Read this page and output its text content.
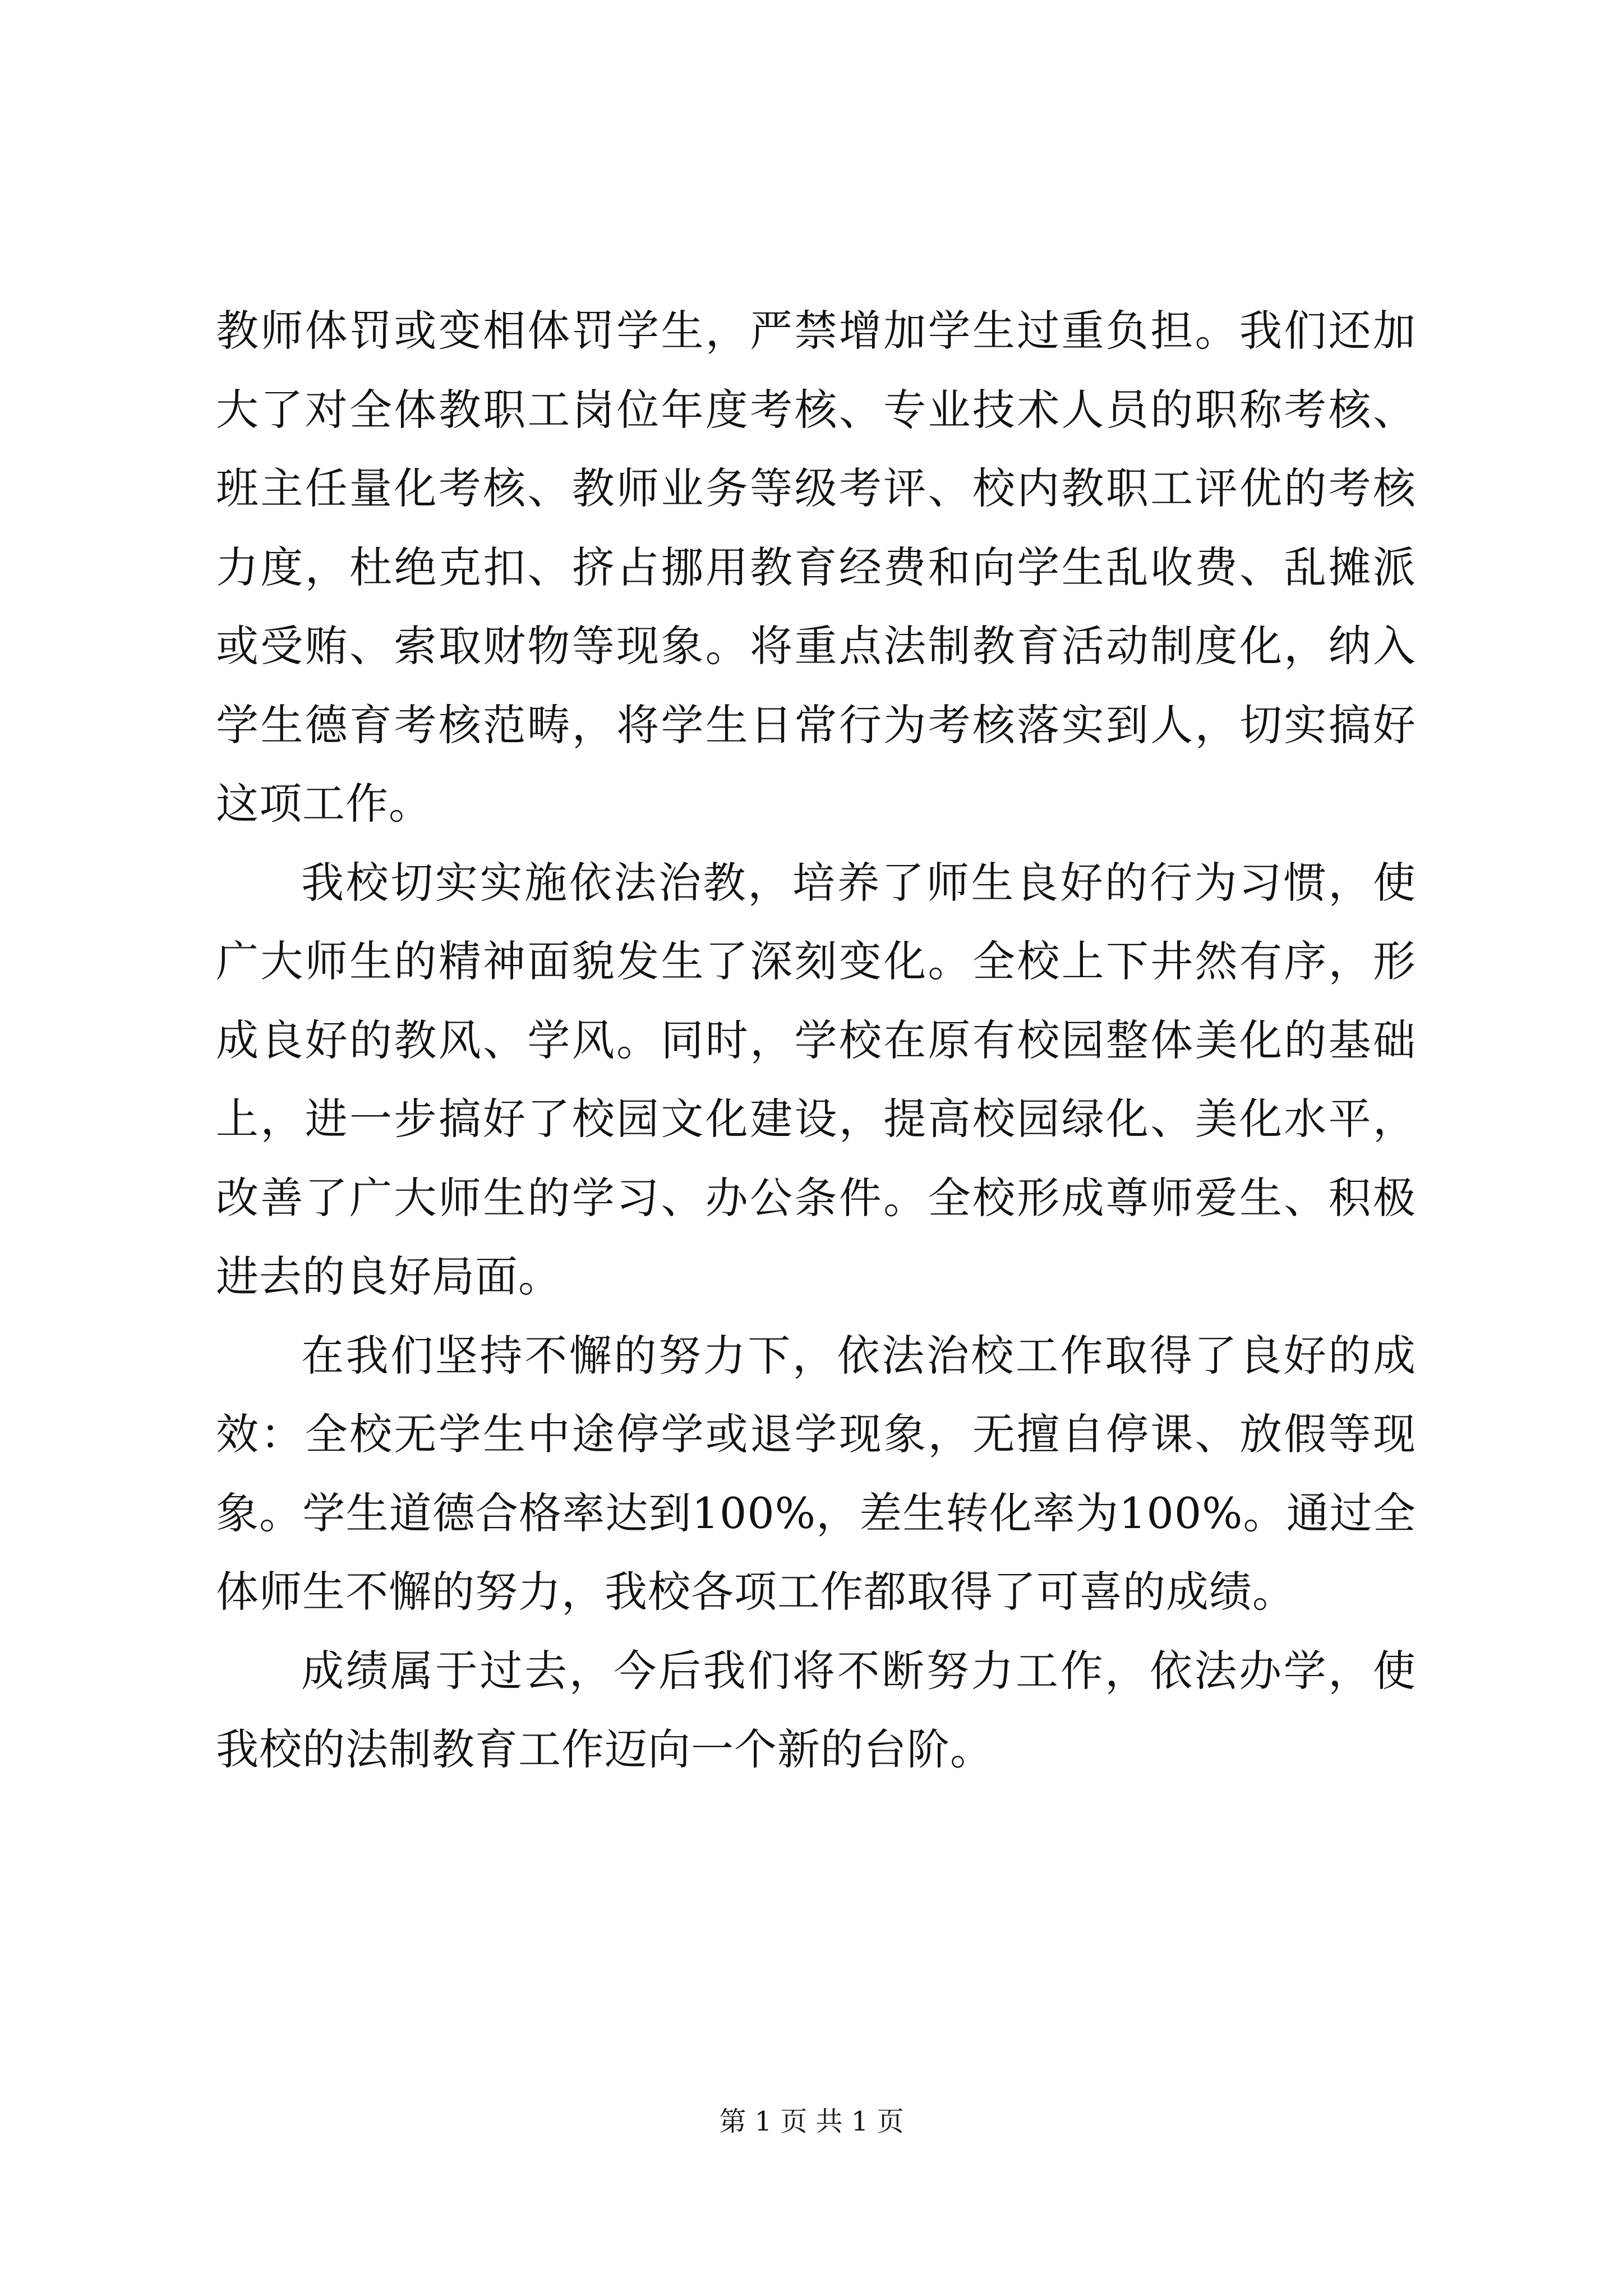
教师体罚或变相体罚学生，严禁增加学生过重负担。我们还加大了对全体教职工岗位年度考核、专业技术人员的职称考核、班主任量化考核、教师业务等级考评、校内教职工评优的考核力度，杜绝克扣、挤占挪用教育经费和向学生乱收费、乱摊派或受贿、索取财物等现象。将重点法制教育活动制度化，纳入学生德育考核范畴，将学生日常行为考核落实到人，切实搞好这项工作。

我校切实实施依法治教，培养了师生良好的行为习惯，使广大师生的精神面貌发生了深刻变化。全校上下井然有序，形成良好的教风、学风。同时，学校在原有校园整体美化的基础上，进一步搞好了校园文化建设，提高校园绿化、美化水平，改善了广大师生的学习、办公条件。全校形成尊师爱生、积极进去的良好局面。

在我们坚持不懈的努力下，依法治校工作取得了良好的成效：全校无学生中途停学或退学现象，无擅自停课、放假等现象。学生道德合格率达到100%，差生转化率为100%。通过全体师生不懈的努力，我校各项工作都取得了可喜的成绩。

成绩属于过去，今后我们将不断努力工作，依法办学，使我校的法制教育工作迈向一个新的台阶。

第 1 页 共 1 页
